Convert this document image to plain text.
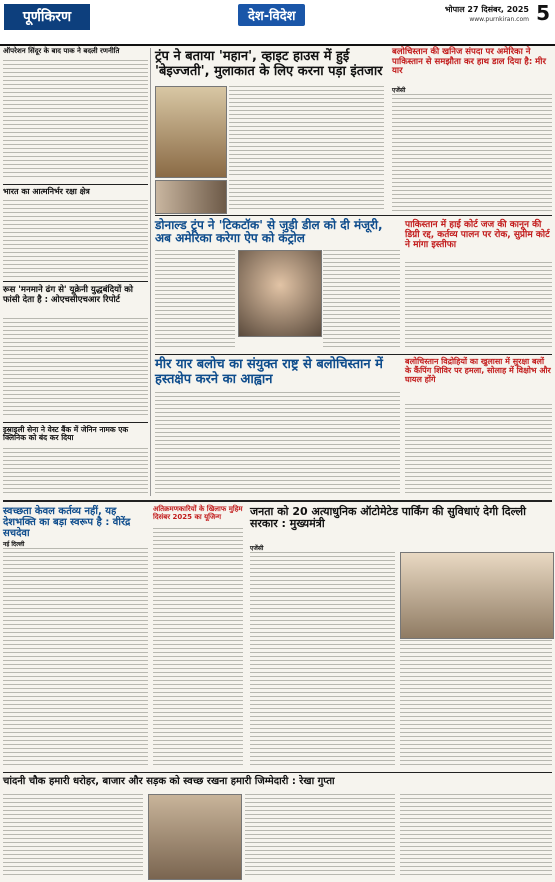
पूर्णकिरण	देश-विदेश	भोपाल 27 दिसंबर, 2025 5
www.purnkiran.com
ऑपरेशन सिंदूर के बाद पाक ने बदली रणनीति
भारत का आत्मनिर्भर रक्षा क्षेत्र
रूस 'मनमाने ढंग से' यूक्रेनी युद्धबंदियों को फांसी देता है : ओएचसीएचआर रिपोर्ट
इस्राइली सेना ने वेस्ट बैंक में जेनिन नामक एक क्लिनिक को बंद कर दिया
ट्रंप ने बताया 'महान', व्हाइट हाउस में हुई 'बेइज्जती', मुलाकात के लिए करना पड़ा इंतजार
बलोचिस्तान की खनिज संपदा पर अमेरिका ने पाकिस्तान से समझौता कर हाथ डाल दिया है: मीर यार
एजेंसी
डोनाल्ड ट्रंप ने 'टिकटॉक' से जुड़ी डील को दी मंजूरी, अब अमेरिका करेगा ऐप को कंट्रोल
पाकिस्तान में हाई कोर्ट जज की कानून की डिग्री रद्द, कर्तव्य पालन पर रोक, सुप्रीम कोर्ट ने मांगा इस्तीफा
मीर यार बलोच का संयुक्त राष्ट्र से बलोचिस्तान में हस्तक्षेप करने का आह्वान
बलोचिस्तान विद्रोहियों का खुलासा में सुरक्षा बलों के कैंपिंग शिविर पर हमला, सोलाह में विक्षोभ और घायल होंगे
स्वच्छता केवल कर्तव्य नहीं, यह देशभक्ति का बड़ा स्वरूप है : वीरेंद्र सचदेवा
नई दिल्ली
अतिक्रमणकारियों के खिलाफ मुहिम दिसंबर 2025 का यूजिन्ग	जनता को 20 अत्याधुनिक ऑटोमेटेड पार्किंग की सुविधाएं देगी दिल्ली सरकार : मुख्यमंत्री
एजेंसी
चांदनी चौक हमारी धरोहर, बाजार और सड़क को स्वच्छ रखना हमारी जिम्मेदारी : रेखा गुप्ता
